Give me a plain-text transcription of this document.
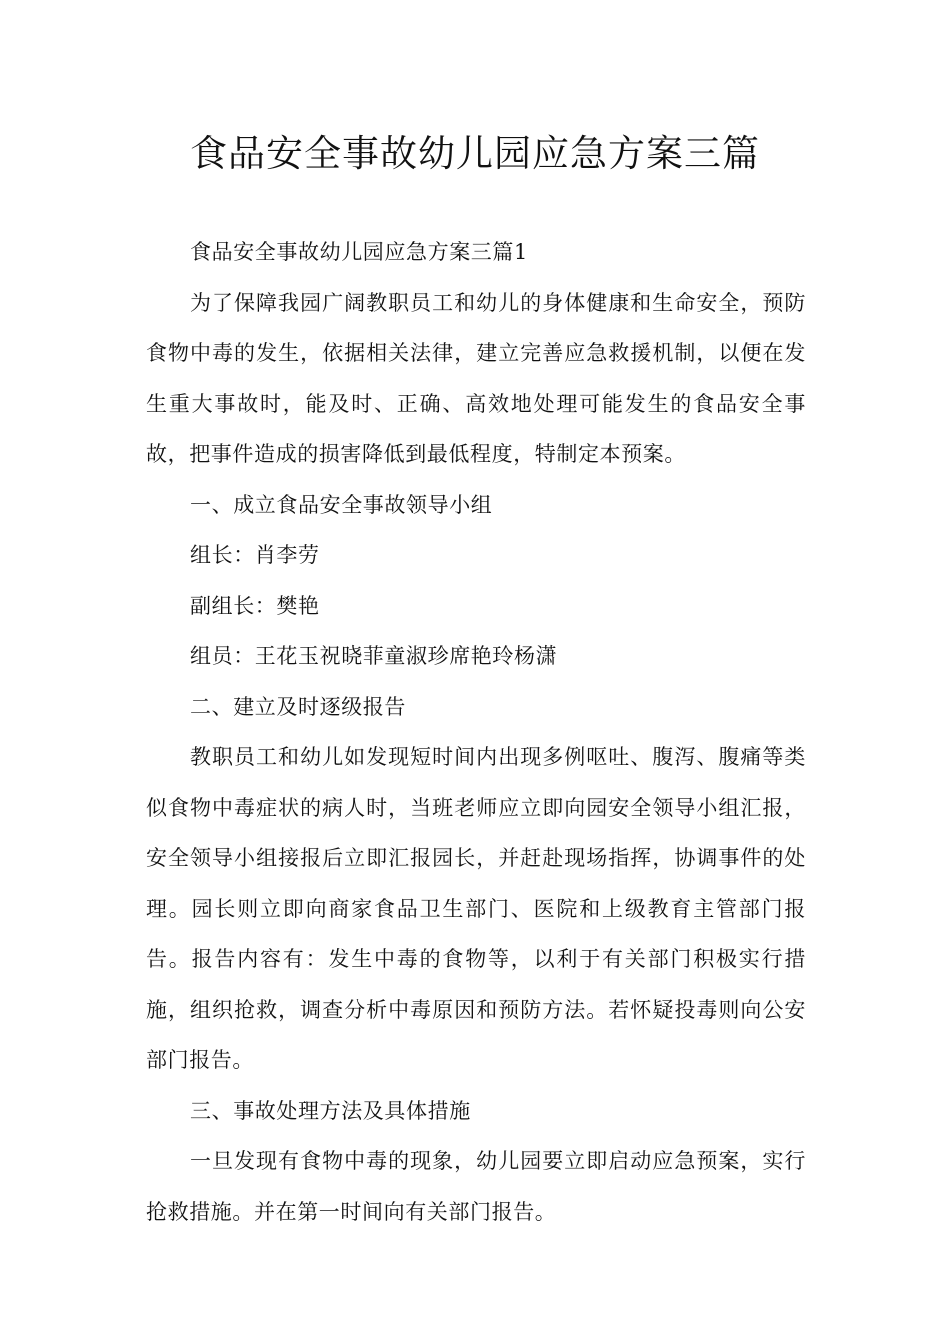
食品安全事故幼儿园应急方案三篇

食品安全事故幼儿园应急方案三篇1

为了保障我园广阔教职员工和幼儿的身体健康和生命安全，预防食物中毒的发生，依据相关法律，建立完善应急救援机制，以便在发生重大事故时，能及时、正确、高效地处理可能发生的食品安全事故，把事件造成的损害降低到最低程度，特制定本预案。

一、成立食品安全事故领导小组

组长：肖李劳

副组长：樊艳

组员：王花玉祝晓菲童淑珍席艳玲杨潇

二、建立及时逐级报告

教职员工和幼儿如发现短时间内出现多例呕吐、腹泻、腹痛等类似食物中毒症状的病人时，当班老师应立即向园安全领导小组汇报，安全领导小组接报后立即汇报园长，并赶赴现场指挥，协调事件的处理。园长则立即向商家食品卫生部门、医院和上级教育主管部门报告。报告内容有：发生中毒的食物等，以利于有关部门积极实行措施，组织抢救，调查分析中毒原因和预防方法。若怀疑投毒则向公安部门报告。

三、事故处理方法及具体措施

一旦发现有食物中毒的现象，幼儿园要立即启动应急预案，实行抢救措施。并在第一时间向有关部门报告。
